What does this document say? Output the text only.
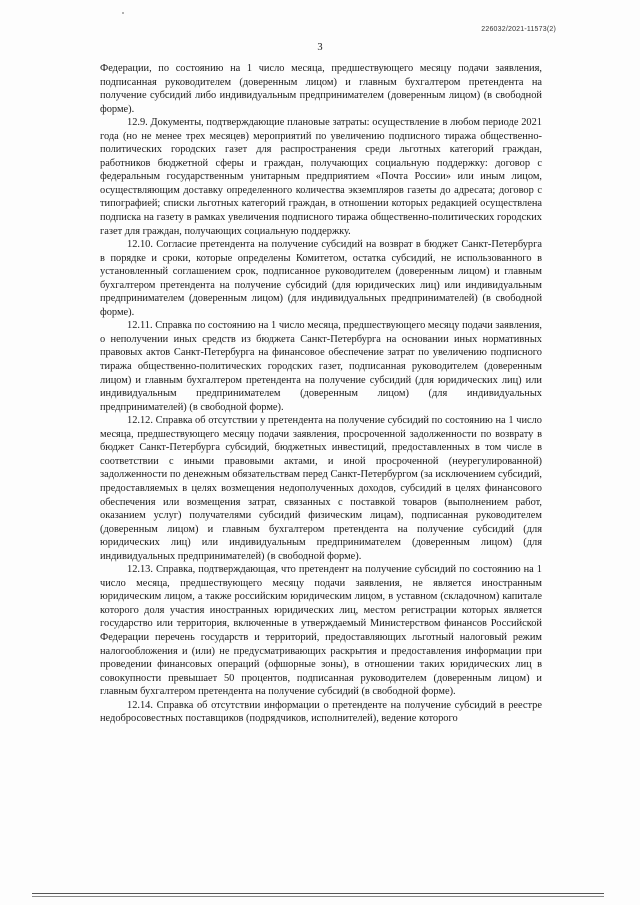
226032/2021-11573(2)
3

Федерации, по состоянию на 1 число месяца, предшествующего месяцу подачи заявления, подписанная руководителем (доверенным лицом) и главным бухгалтером претендента на получение субсидий либо индивидуальным предпринимателем (доверенным лицом) (в свободной форме).

12.9. Документы, подтверждающие плановые затраты: осуществление в любом периоде 2021 года (но не менее трех месяцев) мероприятий по увеличению подписного тиража общественно-политических городских газет для распространения среди льготных категорий граждан, работников бюджетной сферы и граждан, получающих социальную поддержку: договор с федеральным государственным унитарным предприятием «Почта России» или иным лицом, осуществляющим доставку определенного количества экземпляров газеты до адресата; договор с типографией; списки льготных категорий граждан, в отношении которых редакцией осуществлена подписка на газету в рамках увеличения подписного тиража общественно-политических городских газет для граждан, получающих социальную поддержку.

12.10. Согласие претендента на получение субсидий на возврат в бюджет Санкт-Петербурга в порядке и сроки, которые определены Комитетом, остатка субсидий, не использованного в установленный соглашением срок, подписанное руководителем (доверенным лицом) и главным бухгалтером претендента на получение субсидий (для юридических лиц) или индивидуальным предпринимателем (доверенным лицом) (для индивидуальных предпринимателей) (в свободной форме).

12.11. Справка по состоянию на 1 число месяца, предшествующего месяцу подачи заявления, о неполучении иных средств из бюджета Санкт-Петербурга на основании иных нормативных правовых актов Санкт-Петербурга на финансовое обеспечение затрат по увеличению подписного тиража общественно-политических городских газет, подписанная руководителем (доверенным лицом) и главным бухгалтером претендента на получение субсидий (для юридических лиц) или индивидуальным предпринимателем (доверенным лицом) (для индивидуальных предпринимателей) (в свободной форме).

12.12. Справка об отсутствии у претендента на получение субсидий по состоянию на 1 число месяца, предшествующего месяцу подачи заявления, просроченной задолженности по возврату в бюджет Санкт-Петербурга субсидий, бюджетных инвестиций, предоставленных в том числе в соответствии с иными правовыми актами, и иной просроченной (неурегулированной) задолженности по денежным обязательствам перед Санкт-Петербургом (за исключением субсидий, предоставляемых в целях возмещения недополученных доходов, субсидий в целях финансового обеспечения или возмещения затрат, связанных с поставкой товаров (выполнением работ, оказанием услуг) получателями субсидий физическим лицам), подписанная руководителем (доверенным лицом) и главным бухгалтером претендента на получение субсидий (для юридических лиц) или индивидуальным предпринимателем (доверенным лицом) (для индивидуальных предпринимателей) (в свободной форме).

12.13. Справка, подтверждающая, что претендент на получение субсидий по состоянию на 1 число месяца, предшествующего месяцу подачи заявления, не является иностранным юридическим лицом, а также российским юридическим лицом, в уставном (складочном) капитале которого доля участия иностранных юридических лиц, местом регистрации которых является государство или территория, включенные в утверждаемый Министерством финансов Российской Федерации перечень государств и территорий, предоставляющих льготный налоговый режим налогообложения и (или) не предусматривающих раскрытия и предоставления информации при проведении финансовых операций (офшорные зоны), в отношении таких юридических лиц в совокупности превышает 50 процентов, подписанная руководителем (доверенным лицом) и главным бухгалтером претендента на получение субсидий (в свободной форме).

12.14. Справка об отсутствии информации о претенденте на получение субсидий в реестре недобросовестных поставщиков (подрядчиков, исполнителей), ведение которого
